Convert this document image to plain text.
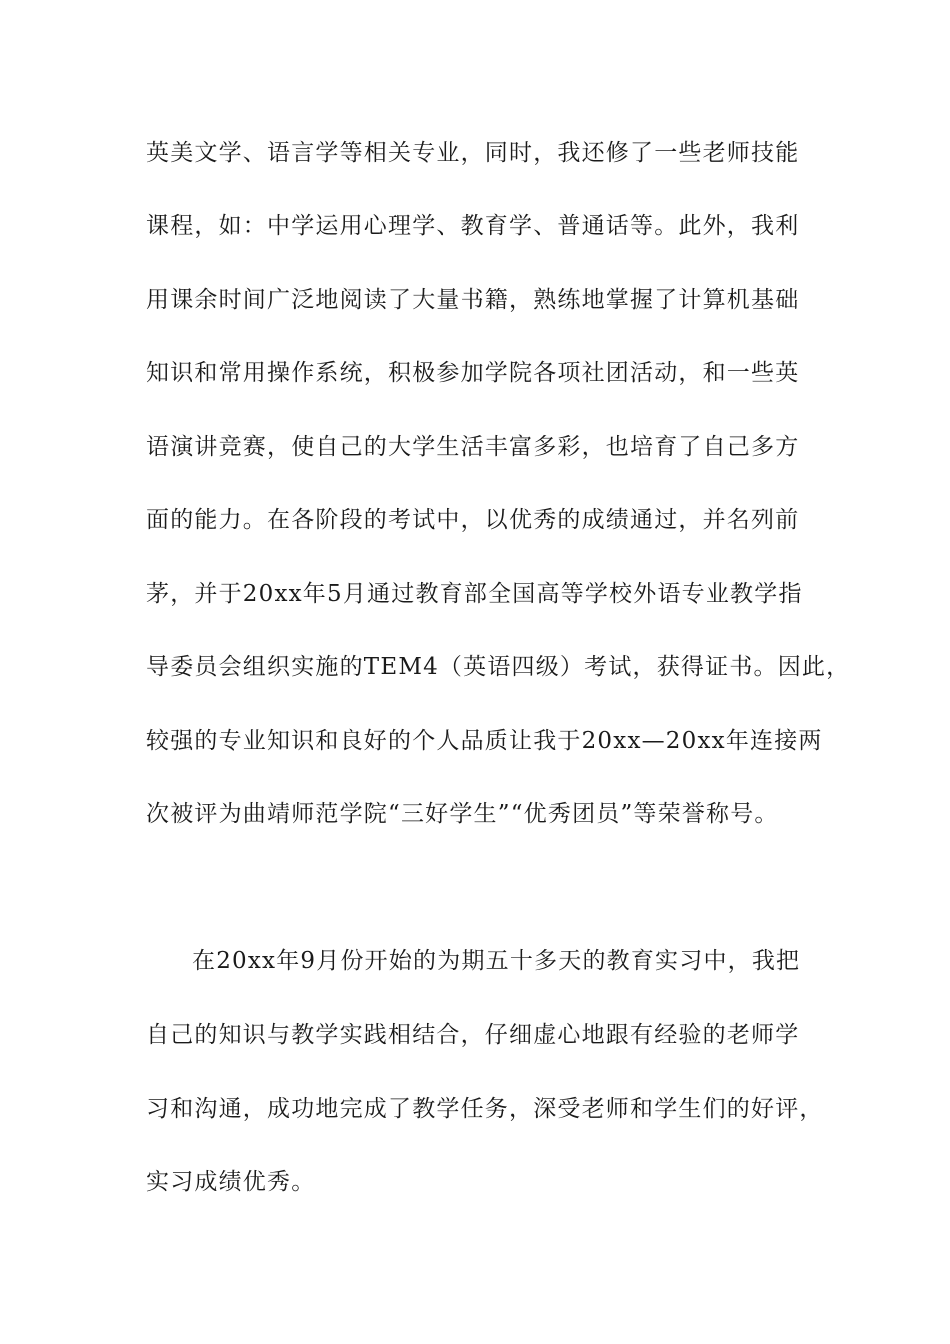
英美文学、语言学等相关专业，同时，我还修了一些老师技能
课程，如：中学运用心理学、教育学、普通话等。此外，我利
用课余时间广泛地阅读了大量书籍，熟练地掌握了计算机基础
知识和常用操作系统，积极参加学院各项社团活动，和一些英
语演讲竞赛，使自己的大学生活丰富多彩，也培育了自己多方
面的能力。在各阶段的考试中，以优秀的成绩通过，并名列前
茅，并于20xx年5月通过教育部全国高等学校外语专业教学指
导委员会组织实施的TEM4（英语四级）考试，获得证书。因此，
较强的专业知识和良好的个人品质让我于20xx—20xx年连接两
次被评为曲靖师范学院“三好学生”“优秀团员”等荣誉称号。
在20xx年9月份开始的为期五十多天的教育实习中，我把
自己的知识与教学实践相结合，仔细虚心地跟有经验的老师学
习和沟通，成功地完成了教学任务，深受老师和学生们的好评，
实习成绩优秀。
